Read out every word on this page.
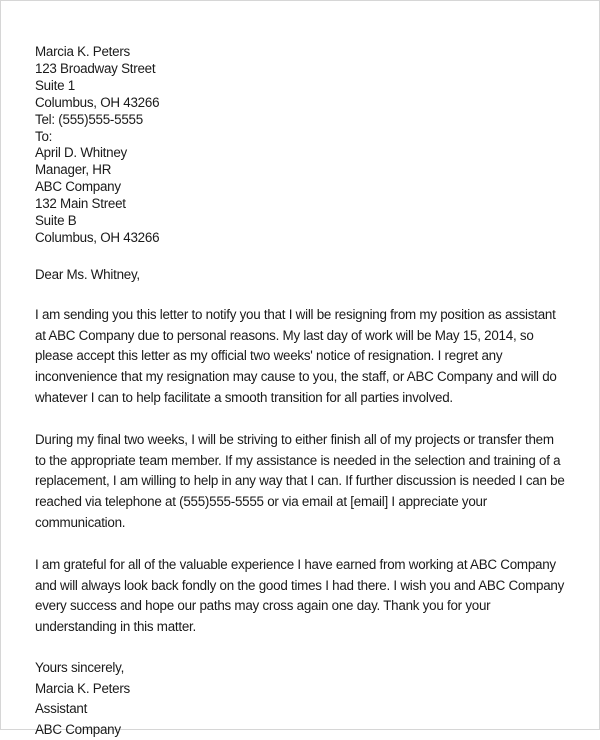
Marcia K. Peters
123 Broadway Street
Suite 1
Columbus, OH 43266
Tel: (555)555-5555
To:
April D. Whitney
Manager, HR
ABC Company
132 Main Street
Suite B
Columbus, OH 43266
Dear Ms. Whitney,

I am sending you this letter to notify you that I will be resigning from my position as assistant at ABC Company due to personal reasons. My last day of work will be May 15, 2014, so please accept this letter as my official two weeks' notice of resignation. I regret any inconvenience that my resignation may cause to you, the staff, or ABC Company and will do whatever I can to help facilitate a smooth transition for all parties involved.

During my final two weeks, I will be striving to either finish all of my projects or transfer them to the appropriate team member. If my assistance is needed in the selection and training of a replacement, I am willing to help in any way that I can. If further discussion is needed I can be reached via telephone at (555)555-5555 or via email at [email] I appreciate your communication.

I am grateful for all of the valuable experience I have earned from working at ABC Company and will always look back fondly on the good times I had there. I wish you and ABC Company every success and hope our paths may cross again one day. Thank you for your understanding in this matter.

Yours sincerely,
Marcia K. Peters
Assistant
ABC Company
